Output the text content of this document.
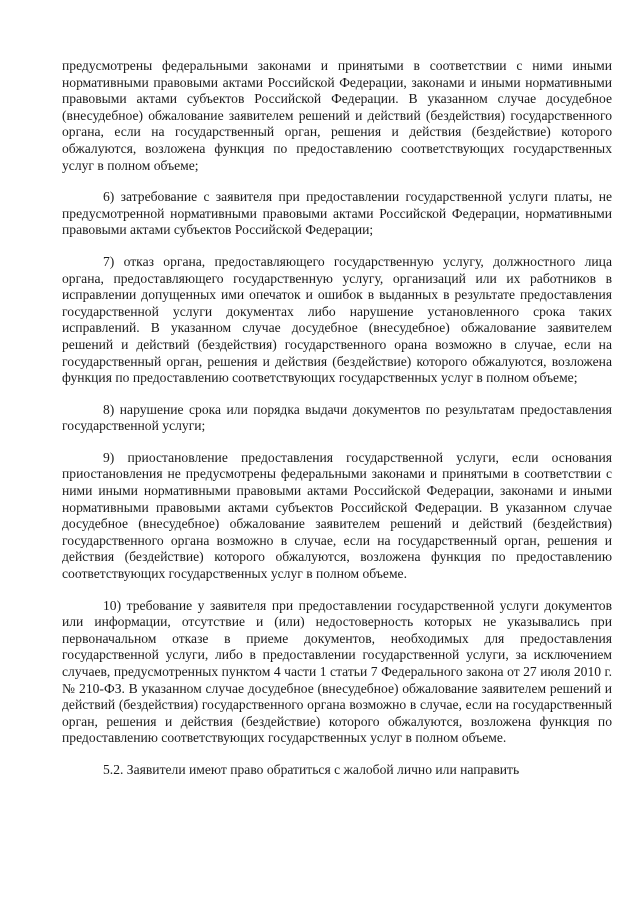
предусмотрены федеральными законами и принятыми в соответствии с ними иными нормативными правовыми актами Российской Федерации, законами и иными нормативными правовыми актами субъектов Российской Федерации. В указанном случае досудебное (внесудебное) обжалование заявителем решений и действий (бездействия) государственного органа, если на государственный орган, решения и действия (бездействие) которого обжалуются, возложена функция по предоставлению соответствующих государственных услуг в полном объеме;

6) затребование с заявителя при предоставлении государственной услуги платы, не предусмотренной нормативными правовыми актами Российской Федерации, нормативными правовыми актами субъектов Российской Федерации;

7) отказ органа, предоставляющего государственную услугу, должностного лица органа, предоставляющего государственную услугу, организаций или их работников в исправлении допущенных ими опечаток и ошибок в выданных в результате предоставления государственной услуги документах либо нарушение установленного срока таких исправлений. В указанном случае досудебное (внесудебное) обжалование заявителем решений и действий (бездействия) государственного орана возможно в случае, если на государственный орган, решения и действия (бездействие) которого обжалуются, возложена функция по предоставлению соответствующих государственных услуг в полном объеме;

8) нарушение срока или порядка выдачи документов по результатам предоставления государственной услуги;

9) приостановление предоставления государственной услуги, если основания приостановления не предусмотрены федеральными законами и принятыми в соответствии с ними иными нормативными правовыми актами Российской Федерации, законами и иными нормативными правовыми актами субъектов Российской Федерации. В указанном случае досудебное (внесудебное) обжалование заявителем решений и действий (бездействия) государственного органа возможно в случае, если на государственный орган, решения и действия (бездействие) которого обжалуются, возложена функция по предоставлению соответствующих государственных услуг в полном объеме.

10) требование у заявителя при предоставлении государственной услуги документов или информации, отсутствие и (или) недостоверность которых не указывались при первоначальном отказе в приеме документов, необходимых для предоставления государственной услуги, либо в предоставлении государственной услуги, за исключением случаев, предусмотренных пунктом 4 части 1 статьи 7 Федерального закона от 27 июля 2010 г. № 210-ФЗ. В указанном случае досудебное (внесудебное) обжалование заявителем решений и действий (бездействия) государственного органа возможно в случае, если на государственный орган, решения и действия (бездействие) которого обжалуются, возложена функция по предоставлению соответствующих государственных услуг в полном объеме.

5.2. Заявители имеют право обратиться с жалобой лично или направить
